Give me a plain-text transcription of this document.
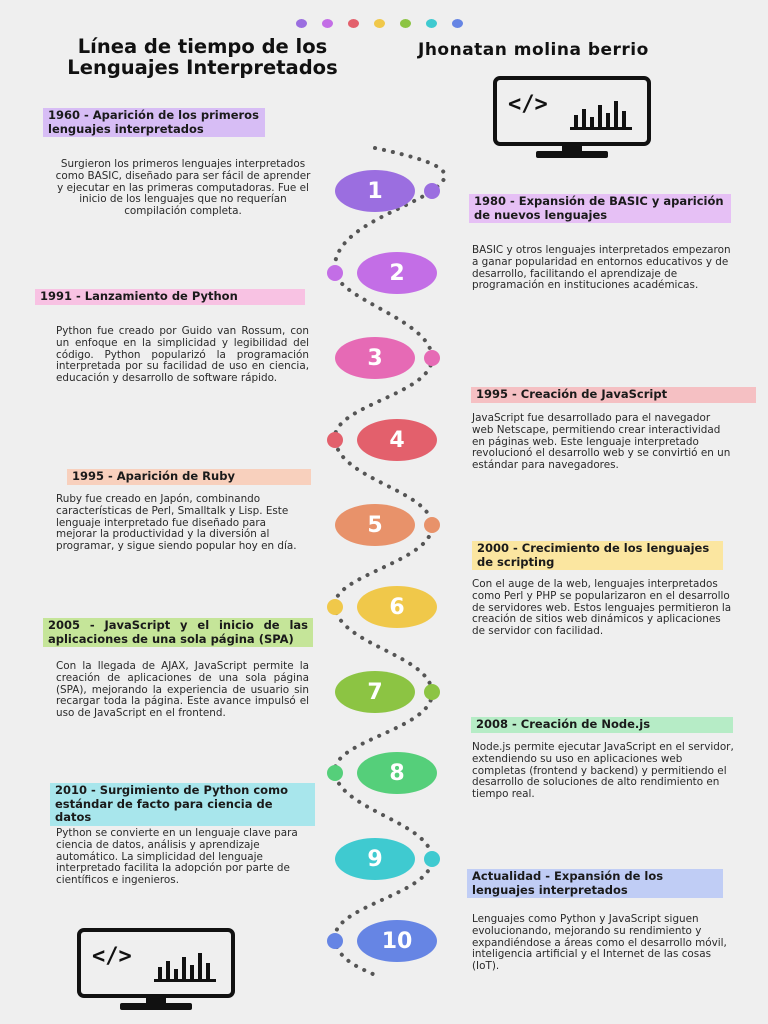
Línea de tiempo de los Lenguajes Interpretados
Jhonatan molina berrio
</>
</>
1
2
3
4
5
6
7
8
9
10
1960 - Aparición de los primeros lenguajes interpretados
Surgieron los primeros lenguajes interpretados como BASIC, diseñado para ser fácil de aprender y ejecutar en las primeras computadoras. Fue el inicio de los lenguajes que no requerían compilación completa.
1980 - Expansión de BASIC y aparición de nuevos lenguajes
BASIC y otros lenguajes interpretados empezaron a ganar popularidad en entornos educativos y de desarrollo, facilitando el aprendizaje de programación en instituciones académicas.
1991 - Lanzamiento de Python
Python fue creado por Guido van Rossum, con un enfoque en la simplicidad y legibilidad del código. Python popularizó la programación interpretada por su facilidad de uso en ciencia, educación y desarrollo de software rápido.
1995 - Creación de JavaScript
JavaScript fue desarrollado para el navegador web Netscape, permitiendo crear interactividad en páginas web. Este lenguaje interpretado revolucionó el desarrollo web y se convirtió en un estándar para navegadores.
1995 - Aparición de Ruby
Ruby fue creado en Japón, combinando características de Perl, Smalltalk y Lisp. Este lenguaje interpretado fue diseñado para mejorar la productividad y la diversión al programar, y sigue siendo popular hoy en día.	2000 - Crecimiento de los lenguajes de scripting
Con el auge de la web, lenguajes interpretados como Perl y PHP se popularizaron en el desarrollo de servidores web. Estos lenguajes permitieron la creación de sitios web dinámicos y aplicaciones de servidor con facilidad.
2005 - JavaScript y el inicio de las aplicaciones de una sola página (SPA)
Con la llegada de AJAX, JavaScript permite la creación de aplicaciones de una sola página (SPA), mejorando la experiencia de usuario sin recargar toda la página. Este avance impulsó el uso de JavaScript en el frontend.
2008 - Creación de Node.js
Node.js permite ejecutar JavaScript en el servidor, extendiendo su uso en aplicaciones web completas (frontend y backend) y permitiendo el desarrollo de soluciones de alto rendimiento en tiempo real.
2010 - Surgimiento de Python como estándar de facto para ciencia de datos
Python se convierte en un lenguaje clave para ciencia de datos, análisis y aprendizaje automático. La simplicidad del lenguaje interpretado facilita la adopción por parte de científicos e ingenieros.	Actualidad - Expansión de los lenguajes interpretados
Lenguajes como Python y JavaScript siguen evolucionando, mejorando su rendimiento y expandiéndose a áreas como el desarrollo móvil, inteligencia artificial y el Internet de las cosas (IoT).
